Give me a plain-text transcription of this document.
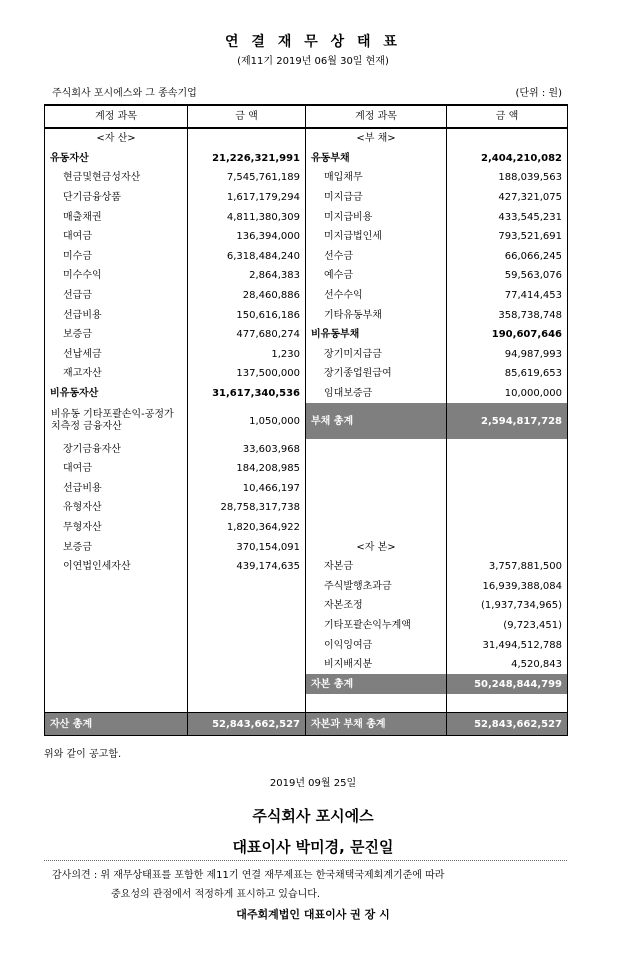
연 결 재 무 상 태 표
(제11기 2019년 06월 30일 현재)
주식회사 포시에스와 그 종속기업	(단위 : 원)
계정 과목	금 액	계정 과목	금 액
<자 산>		<부 채>	
유동자산	21,226,321,991	유동부채	2,404,210,082
현금및현금성자산	7,545,761,189	매입채무	188,039,563
단기금융상품	1,617,179,294	미지급금	427,321,075
매출채권	4,811,380,309	미지급비용	433,545,231
대여금	136,394,000	미지급법인세	793,521,691
미수금	6,318,484,240	선수금	66,066,245
미수수익	2,864,383	예수금	59,563,076
선급금	28,460,886	선수수익	77,414,453
선급비용	150,616,186	기타유동부채	358,738,748
보증금	477,680,274	비유동부채	190,607,646
선납세금	1,230	장기미지급금	94,987,993
재고자산	137,500,000	장기종업원급여	85,619,653
비유동자산	31,617,340,536	임대보증금	10,000,000

비유동 기타포괄손익-공정가치측정 금융자산	1,050,000	부채 총계	2,594,817,728
장기금융자산	33,603,968		
대여금	184,208,985		
선급비용	10,466,197		
유형자산	28,758,317,738		
무형자산	1,820,364,922		
보증금	370,154,091	<자 본>	
이연법인세자산	439,174,635	자본금	3,757,881,500
		주식발행초과금	16,939,388,084
		자본조정	(1,937,734,965)
		기타포괄손익누계액	(9,723,451)
		이익잉여금	31,494,512,788
		비지배지분	4,520,843
		자본 총계	50,248,844,799

자산 총계	52,843,662,527	자본과 부채 총계	52,843,662,527
위와 같이 공고함.
2019년 09월 25일
주식회사 포시에스
대표이사 박미경, 문진일
감사의견 : 위 재무상태표를 포함한 제11기 연결 재무제표는 한국채택국제회계기준에 따라
중요성의 관점에서 적정하게 표시하고 있습니다.
대주회계법인 대표이사 권 장 시
